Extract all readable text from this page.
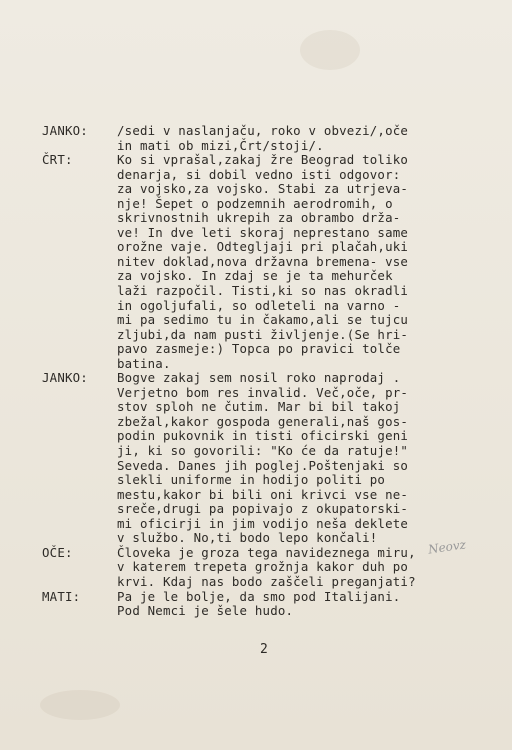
JANKO:	/sedi v naslanjaču, roko v obvezi/,oče
in mati ob mizi,Črt/stoji/.
ČRT:	Ko si vprašal,zakaj žre Beograd toliko
denarja, si dobil vedno isti odgovor:
za vojsko,za vojsko. Stabi za utrjeva-
nje! Šepet o podzemnih aerodromih, o
skrivnostnih ukrepih za obrambo drža-
ve! In dve leti skoraj neprestano same
orožne vaje. Odtegljaji pri plačah,uki
nitev doklad,nova državna bremena- vse
za vojsko. In zdaj se je ta mehurček
laži razpočil. Tisti,ki so nas okradli
in ogoljufali, so odleteli na varno -
mi pa sedimo tu in čakamo,ali se tujcu
zljubi,da nam pusti življenje.(Se hri-
pavo zasmeje:) Topca po pravici tolče
batina.
JANKO:	Bogve zakaj sem nosil roko naprodaj .
Verjetno bom res invalid. Več,oče, pr-
stov sploh ne čutim. Mar bi bil takoj
zbežal,kakor gospoda generali,naš gos-
podin pukovnik in tisti oficirski geni
ji, ki so govorili: "Ko će da ratuje!"
Seveda. Danes jih poglej.Poštenjaki so
slekli uniforme in hodijo politi po
mestu,kakor bi bili oni krivci vse ne-
sreče,drugi pa popivajo z okupatorski-
mi oficirji in jim vodijo neša deklete
v službo. No,ti bodo lepo končali!
OČE:	Človeka je groza tega navideznega miru,
v katerem trepeta grožnja kakor duh po
krvi. Kdaj nas bodo zaščeli preganjati?
MATI:	Pa je le bolje, da smo pod Italijani.
Pod Nemci je šele hudo.
Neovz
2
